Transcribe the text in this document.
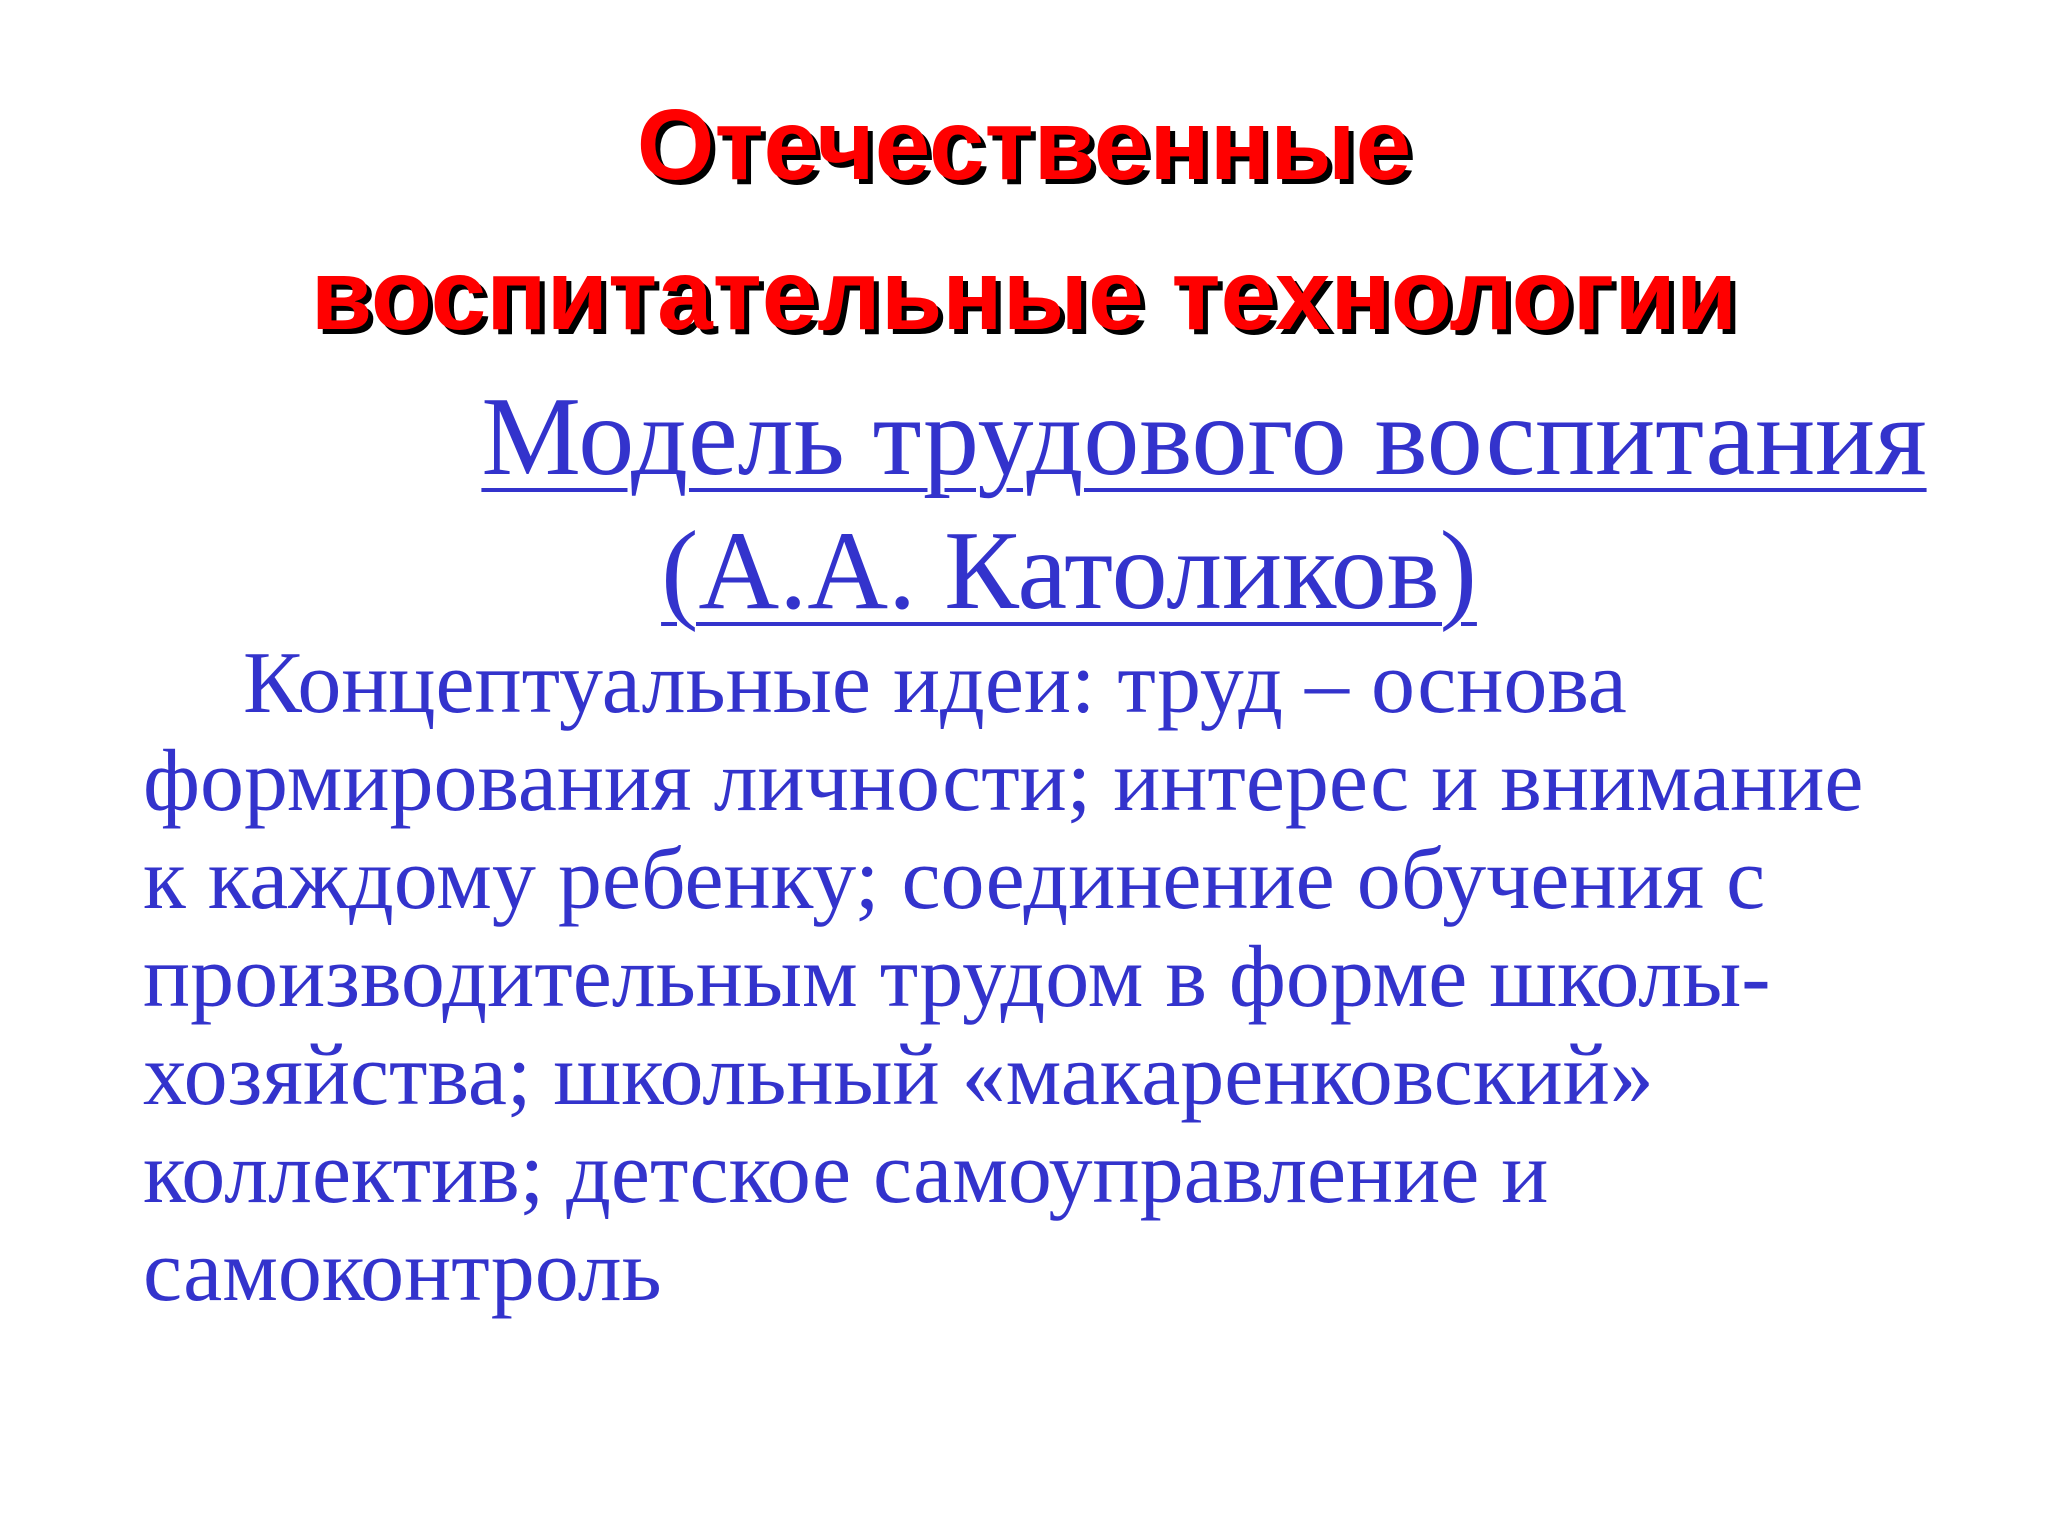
Отечественные
воспитательные технологии
Модель трудового воспитания
(А.А. Католиков)

Концептуальные идеи: труд – основа
формирования личности; интерес и внимание
к каждому ребенку; соединение обучения с
производительным трудом в форме школы-
хозяйства; школьный «макаренковский»
коллектив; детское самоуправление и
самоконтроль
